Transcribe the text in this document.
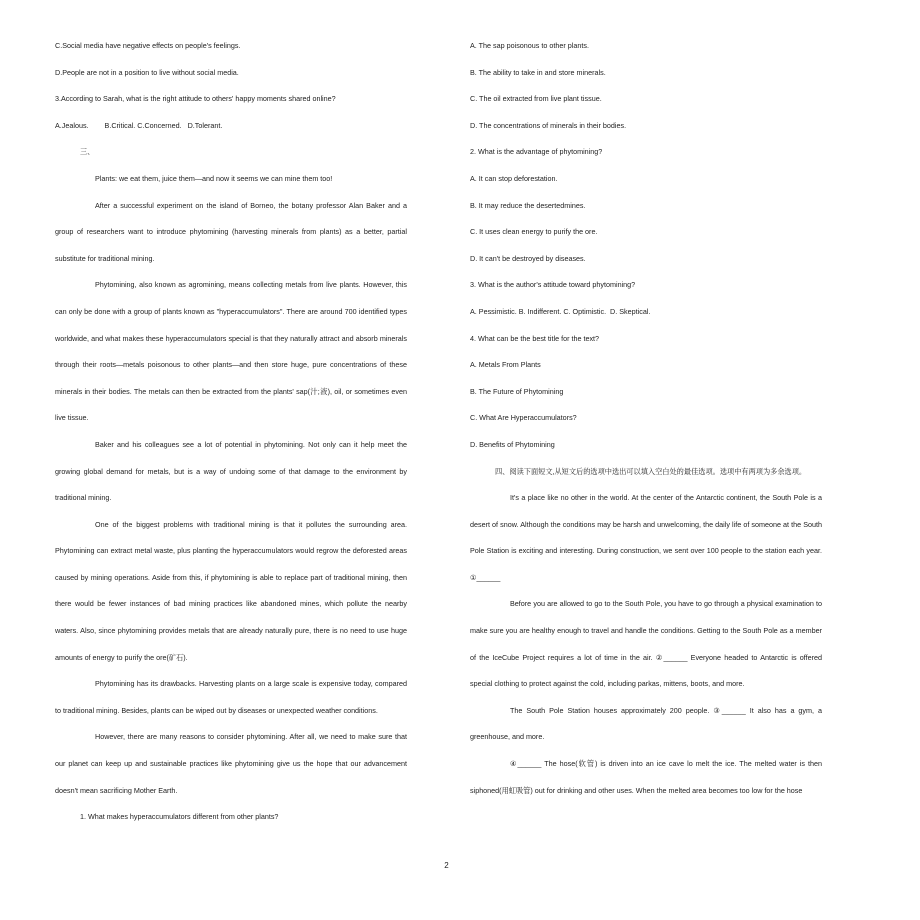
C.Social media have negative effects on people's feelings.
D.People are not in a position to live without social media.
3.According to Sarah, what is the right attitude to others' happy moments shared online?
A.Jealous.        B.Critical. C.Concerned.   D.Tolerant.
三、
Plants: we eat them, juice them—and now it seems we can mine them too!
After a successful experiment on the island of Borneo, the botany professor Alan Baker and a group of researchers want to introduce phytomining (harvesting minerals from plants) as a better, partial substitute for traditional mining.
Phytomining, also known as agromining, means collecting metals from live plants. However, this can only be done with a group of plants known as "hyperaccumulators". There are around 700 identified types worldwide, and what makes these hyperaccumulators special is that they naturally attract and absorb minerals through their roots—metals poisonous to other plants—and then store huge, pure concentrations of these minerals in their bodies. The metals can then be extracted from the plants' sap(汁;液), oil, or sometimes even live tissue.
Baker and his colleagues see a lot of potential in phytomining. Not only can it help meet the growing global demand for metals, but is a way of undoing some of that damage to the environment by traditional mining.
One of the biggest problems with traditional mining is that it pollutes the surrounding area. Phytomining can extract metal waste, plus planting the hyperaccumulators would regrow the deforested areas caused by mining operations. Aside from this, if phytomining is able to replace part of traditional mining, then there would be fewer instances of bad mining practices like abandoned mines, which pollute the nearby waters. Also, since phytomining provides metals that are already naturally pure, there is no need to use huge amounts of energy to purify the ore(矿石).
Phytomining has its drawbacks. Harvesting plants on a large scale is expensive today, compared to traditional mining. Besides, plants can be wiped out by diseases or unexpected weather conditions.
However, there are many reasons to consider phytomining. After all, we need to make sure that our planet can keep up and sustainable practices like phytomining give us the hope that our advancement doesn't mean sacrificing Mother Earth.
1. What makes hyperaccumulators different from other plants?
A. The sap poisonous to other plants.
B. The ability to take in and store minerals.
C. The oil extracted from live plant tissue.
D. The concentrations of minerals in their bodies.
2. What is the advantage of phytomining?
A. It can stop deforestation.
B. It may reduce the desertedmines.
C. It uses clean energy to purify the ore.
D. It can't be destroyed by diseases.
3. What is the author's attitude toward phytomining?
A. Pessimistic. B. Indifferent. C. Optimistic.  D. Skeptical.
4. What can be the best title for the text?
A. Metals From Plants
B. The Future of Phytomining
C. What Are Hyperaccumulators?
D. Benefits of Phytomining
四、阅读下面短文,从短文后的选项中选出可以填入空白处的最佳选项。选项中有两项为多余选项。
It's a place like no other in the world. At the center of the Antarctic continent, the South Pole is a desert of snow. Although the conditions may be harsh and unwelcoming, the daily life of someone at the South Pole Station is exciting and interesting. During construction, we sent over 100 people to the station each year. ①______
Before you are allowed to go to the South Pole, you have to go through a physical examination to make sure you are healthy enough to travel and handle the conditions. Getting to the South Pole as a member of the IceCube Project requires a lot of time in the air. ②______ Everyone headed to Antarctic is offered special clothing to protect against the cold, including parkas, mittens, boots, and more.
The South Pole Station houses approximately 200 people. ③______ It also has a gym, a greenhouse, and more.
④______ The hose(软管) is driven into an ice cave lo melt the ice. The melted water is then siphoned(用虹吸管) out for drinking and other uses. When the melted area becomes too low for the hose
2
